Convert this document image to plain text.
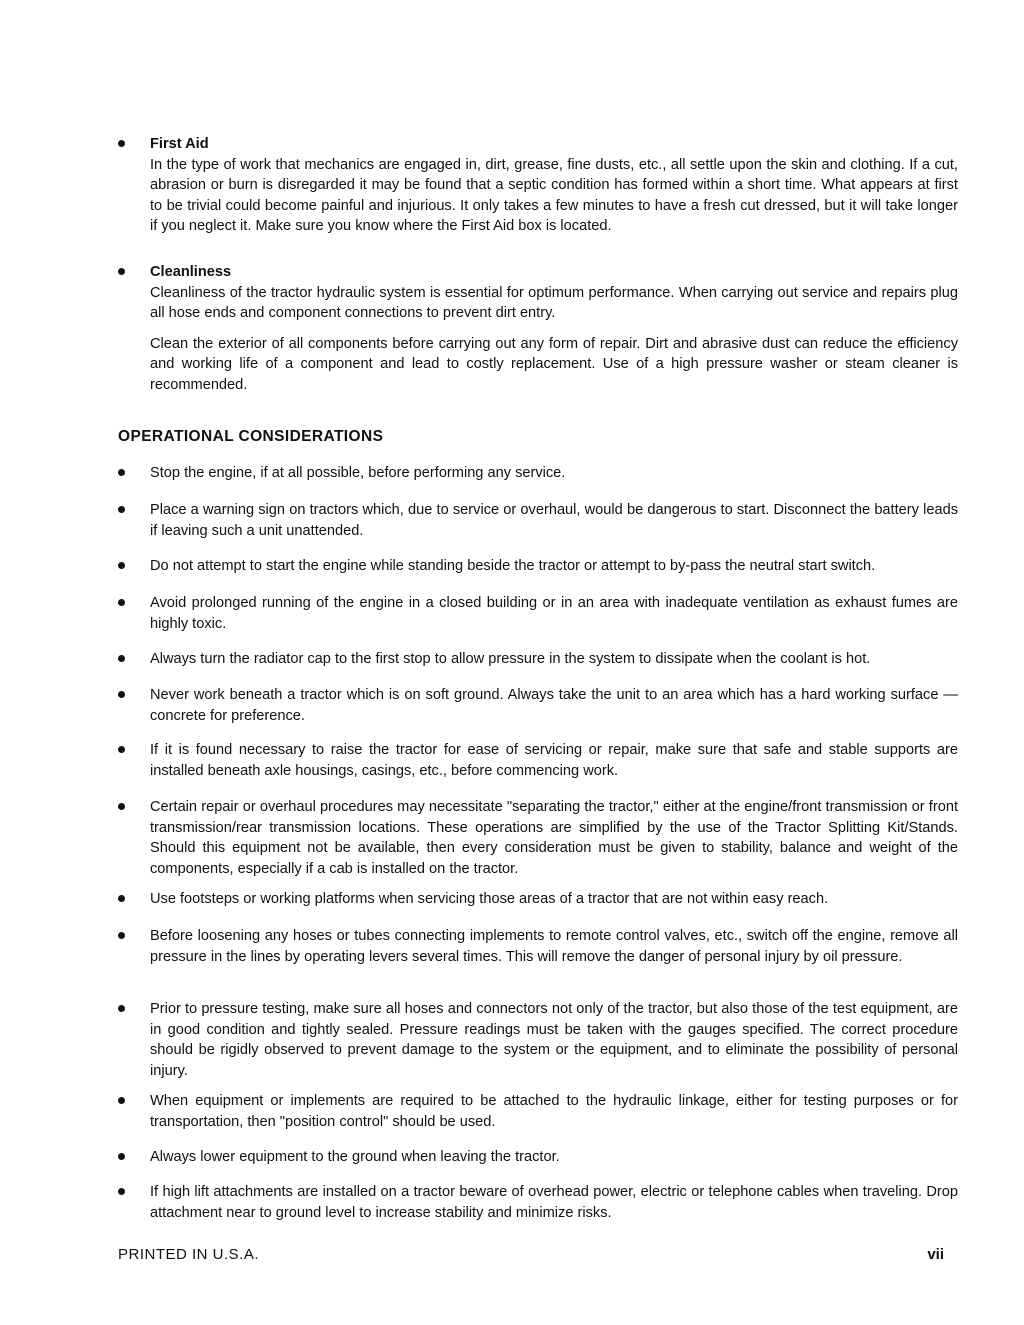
First Aid
In the type of work that mechanics are engaged in, dirt, grease, fine dusts, etc., all settle upon the skin and clothing. If a cut, abrasion or burn is disregarded it may be found that a septic condition has formed within a short time. What appears at first to be trivial could become painful and injurious. It only takes a few minutes to have a fresh cut dressed, but it will take longer if you neglect it. Make sure you know where the First Aid box is located.
Cleanliness
Cleanliness of the tractor hydraulic system is essential for optimum performance. When carrying out service and repairs plug all hose ends and component connections to prevent dirt entry.
Clean the exterior of all components before carrying out any form of repair. Dirt and abrasive dust can reduce the efficiency and working life of a component and lead to costly replacement. Use of a high pressure washer or steam cleaner is recommended.
OPERATIONAL CONSIDERATIONS
Stop the engine, if at all possible, before performing any service.
Place a warning sign on tractors which, due to service or overhaul, would be dangerous to start. Disconnect the battery leads if leaving such a unit unattended.
Do not attempt to start the engine while standing beside the tractor or attempt to by-pass the neutral start switch.
Avoid prolonged running of the engine in a closed building or in an area with inadequate ventilation as exhaust fumes are highly toxic.
Always turn the radiator cap to the first stop to allow pressure in the system to dissipate when the coolant is hot.
Never work beneath a tractor which is on soft ground. Always take the unit to an area which has a hard working surface — concrete for preference.
If it is found necessary to raise the tractor for ease of servicing or repair, make sure that safe and stable supports are installed beneath axle housings, casings, etc., before commencing work.
Certain repair or overhaul procedures may necessitate "separating the tractor," either at the engine/front transmission or front transmission/rear transmission locations. These operations are simplified by the use of the Tractor Splitting Kit/Stands. Should this equipment not be available, then every consideration must be given to stability, balance and weight of the components, especially if a cab is installed on the tractor.
Use footsteps or working platforms when servicing those areas of a tractor that are not within easy reach.
Before loosening any hoses or tubes connecting implements to remote control valves, etc., switch off the engine, remove all pressure in the lines by operating levers several times. This will remove the danger of personal injury by oil pressure.
Prior to pressure testing, make sure all hoses and connectors not only of the tractor, but also those of the test equipment, are in good condition and tightly sealed. Pressure readings must be taken with the gauges specified. The correct procedure should be rigidly observed to prevent damage to the system or the equipment, and to eliminate the possibility of personal injury.
When equipment or implements are required to be attached to the hydraulic linkage, either for testing purposes or for transportation, then "position control" should be used.
Always lower equipment to the ground when leaving the tractor.
If high lift attachments are installed on a tractor beware of overhead power, electric or telephone cables when traveling. Drop attachment near to ground level to increase stability and minimize risks.
PRINTED IN U.S.A.	vii
